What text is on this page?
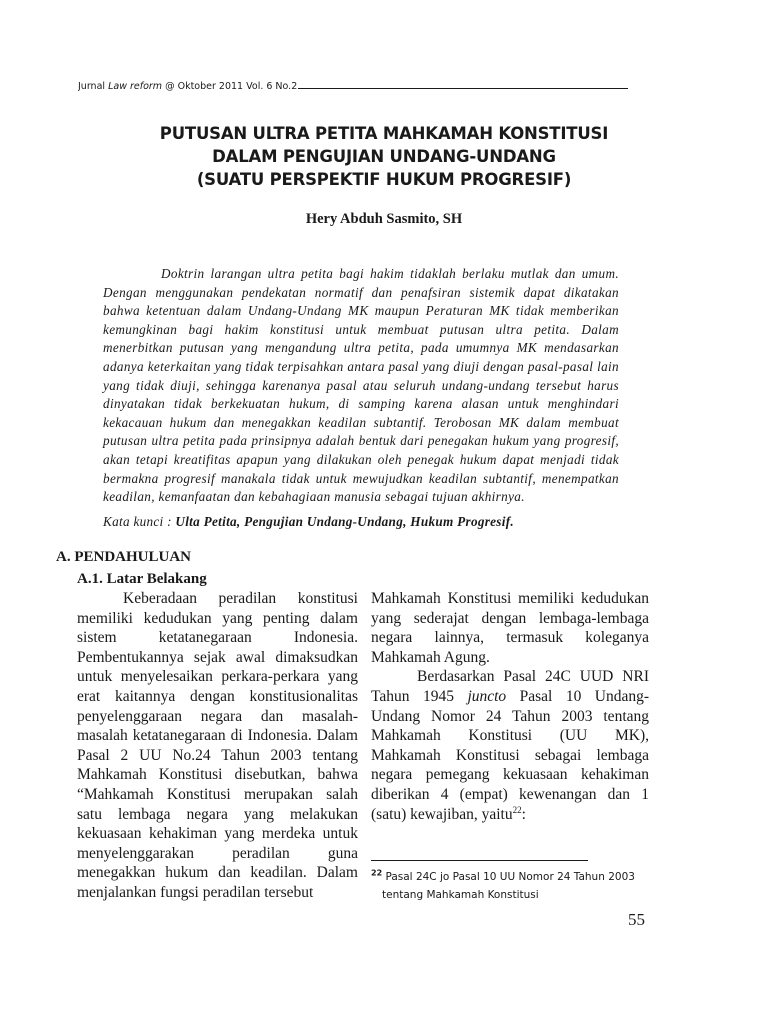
Jurnal Law reform @ Oktober 2011 Vol. 6 No.2
PUTUSAN ULTRA PETITA MAHKAMAH KONSTITUSI
DALAM PENGUJIAN UNDANG-UNDANG
(SUATU PERSPEKTIF HUKUM PROGRESIF)
Hery Abduh Sasmito, SH

Doktrin larangan ultra petita bagi hakim tidaklah berlaku mutlak dan umum. Dengan menggunakan pendekatan normatif dan penafsiran sistemik dapat dikatakan bahwa ketentuan dalam Undang-Undang MK maupun Peraturan MK tidak memberikan kemungkinan bagi hakim konstitusi untuk membuat putusan ultra petita. Dalam menerbitkan putusan yang mengandung ultra petita, pada umumnya MK mendasarkan adanya keterkaitan yang tidak terpisahkan antara pasal yang diuji dengan pasal-pasal lain yang tidak diuji, sehingga karenanya pasal atau seluruh undang-undang tersebut harus dinyatakan tidak berkekuatan hukum, di samping karena alasan untuk menghindari kekacauan hukum dan menegakkan keadilan subtantif. Terobosan MK dalam membuat putusan ultra petita pada prinsipnya adalah bentuk dari penegakan hukum yang progresif, akan tetapi kreatifitas apapun yang dilakukan oleh penegak hukum dapat menjadi tidak bermakna progresif manakala tidak untuk mewujudkan keadilan subtantif, menempatkan keadilan, kemanfaatan dan kebahagiaan manusia sebagai tujuan akhirnya.

Kata kunci : Ulta Petita, Pengujian Undang-Undang, Hukum Progresif.
A. PENDAHULUAN
A.1. Latar Belakang

Keberadaan peradilan konstitusi memiliki kedudukan yang penting dalam sistem ketatanegaraan Indonesia. Pembentukannya sejak awal dimaksudkan untuk menyelesaikan perkara-perkara yang erat kaitannya dengan konstitusionalitas penyelenggaraan negara dan masalah-masalah ketatanegaraan di Indonesia. Dalam Pasal 2 UU No.24 Tahun 2003 tentang Mahkamah Konstitusi disebutkan, bahwa “Mahkamah Konstitusi merupakan salah satu lembaga negara yang melakukan kekuasaan kehakiman yang merdeka untuk menyelenggarakan peradilan guna menegakkan hukum dan keadilan. Dalam menjalankan fungsi peradilan tersebut

Mahkamah Konstitusi memiliki kedudukan yang sederajat dengan lembaga-lembaga negara lainnya, termasuk koleganya Mahkamah Agung.

Berdasarkan Pasal 24C UUD NRI Tahun 1945 juncto Pasal 10 Undang-Undang Nomor 24 Tahun 2003 tentang Mahkamah Konstitusi (UU MK), Mahkamah Konstitusi sebagai lembaga negara pemegang kekuasaan kehakiman diberikan 4 (empat) kewenangan dan 1 (satu) kewajiban, yaitu$^{22}$:

$^{22}$ Pasal 24C jo Pasal 10 UU Nomor 24 Tahun 2003
tentang Mahkamah Konstitusi
55
